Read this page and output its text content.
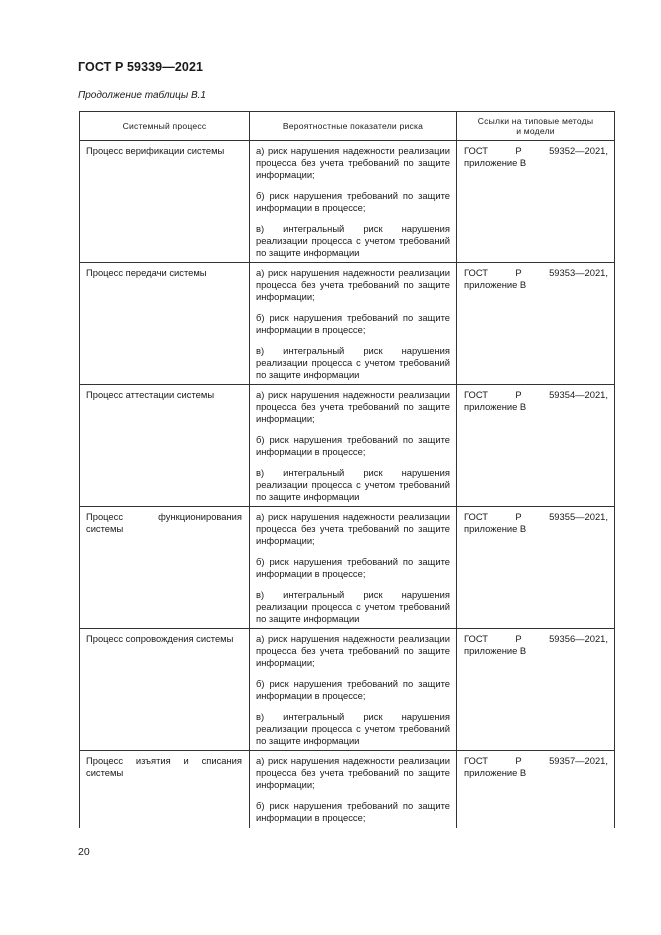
ГОСТ Р 59339—2021
Продолжение таблицы В.1
Системный процесс	Вероятностные показатели риска	Ссылки на типовые методы
и модели

Процесс верификации системы	а) риск нарушения надежности реализации процесса без учета требований по защите информации;
б) риск нарушения требований по защите информации в процессе;
в) интегральный риск нарушения реализации процесса с учетом требований по защите информации	ГОСТ Р 59352—2021, приложение В

Процесс передачи системы	а) риск нарушения надежности реализации процесса без учета требований по защите информации;
б) риск нарушения требований по защите информации в процессе;
в) интегральный риск нарушения реализации процесса с учетом требований по защите информации	ГОСТ Р 59353—2021, приложение В

Процесс аттестации системы	а) риск нарушения надежности реализации процесса без учета требований по защите информации;
б) риск нарушения требований по защите информации в процессе;
в) интегральный риск нарушения реализации процесса с учетом требований по защите информации	ГОСТ Р 59354—2021, приложение В

Процесс функционирования системы	а) риск нарушения надежности реализации процесса без учета требований по защите информации;
б) риск нарушения требований по защите информации в процессе;
в) интегральный риск нарушения реализации процесса с учетом требований по защите информации	ГОСТ Р 59355—2021, приложение В

Процесс сопровождения системы	а) риск нарушения надежности реализации процесса без учета требований по защите информации;
б) риск нарушения требований по защите информации в процессе;
в) интегральный риск нарушения реализации процесса с учетом требований по защите информации	ГОСТ Р 59356—2021, приложение В

Процесс изъятия и списания системы	а) риск нарушения надежности реализации процесса без учета требований по защите информации;
б) риск нарушения требований по защите информации в процессе;	ГОСТ Р 59357—2021, приложение В
20
